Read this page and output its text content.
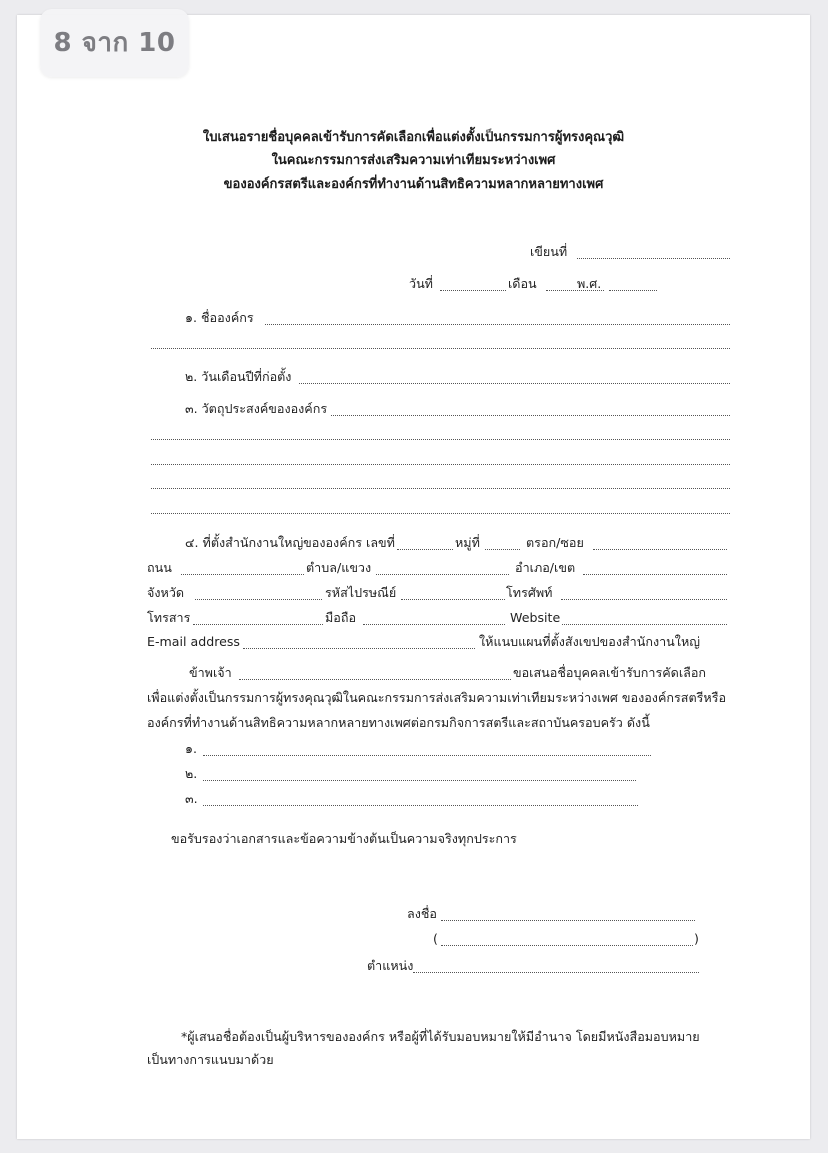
ใบเสนอรายชื่อบุคคลเข้ารับการคัดเลือกเพื่อแต่งตั้งเป็นกรรมการผู้ทรงคุณวุฒิ
ในคณะกรรมการส่งเสริมความเท่าเทียมระหว่างเพศ
ขององค์กรสตรีและองค์กรที่ทำงานด้านสิทธิความหลากหลายทางเพศ
เขียนที่
วันที่	เดือน	พ.ศ.
๑. ชื่อองค์กร
๒. วันเดือนปีที่ก่อตั้ง
๓. วัตถุประสงค์ขององค์กร
๔. ที่ตั้งสำนักงานใหญ่ขององค์กร เลขที่	หมู่ที่	ตรอก/ซอย
ถนน	ตำบล/แขวง	อำเภอ/เขต
จังหวัด	รหัสไปรษณีย์	โทรศัพท์
โทรสาร	มือถือ	Website
E-mail address	ให้แนบแผนที่ตั้งสังเขปของสำนักงานใหญ่
ข้าพเจ้า	ขอเสนอชื่อบุคคลเข้ารับการคัดเลือก
เพื่อแต่งตั้งเป็นกรรมการผู้ทรงคุณวุฒิในคณะกรรมการส่งเสริมความเท่าเทียมระหว่างเพศ ขององค์กรสตรีหรือ
องค์กรที่ทำงานด้านสิทธิความหลากหลายทางเพศต่อกรมกิจการสตรีและสถาบันครอบครัว ดังนี้
๑.
๒.
๓.
ขอรับรองว่าเอกสารและข้อความข้างต้นเป็นความจริงทุกประการ
ลงชื่อ
(	)
ตำแหน่ง
*ผู้เสนอชื่อต้องเป็นผู้บริหารขององค์กร หรือผู้ที่ได้รับมอบหมายให้มีอำนาจ โดยมีหนังสือมอบหมาย
เป็นทางการแนบมาด้วย
8 จาก 10
